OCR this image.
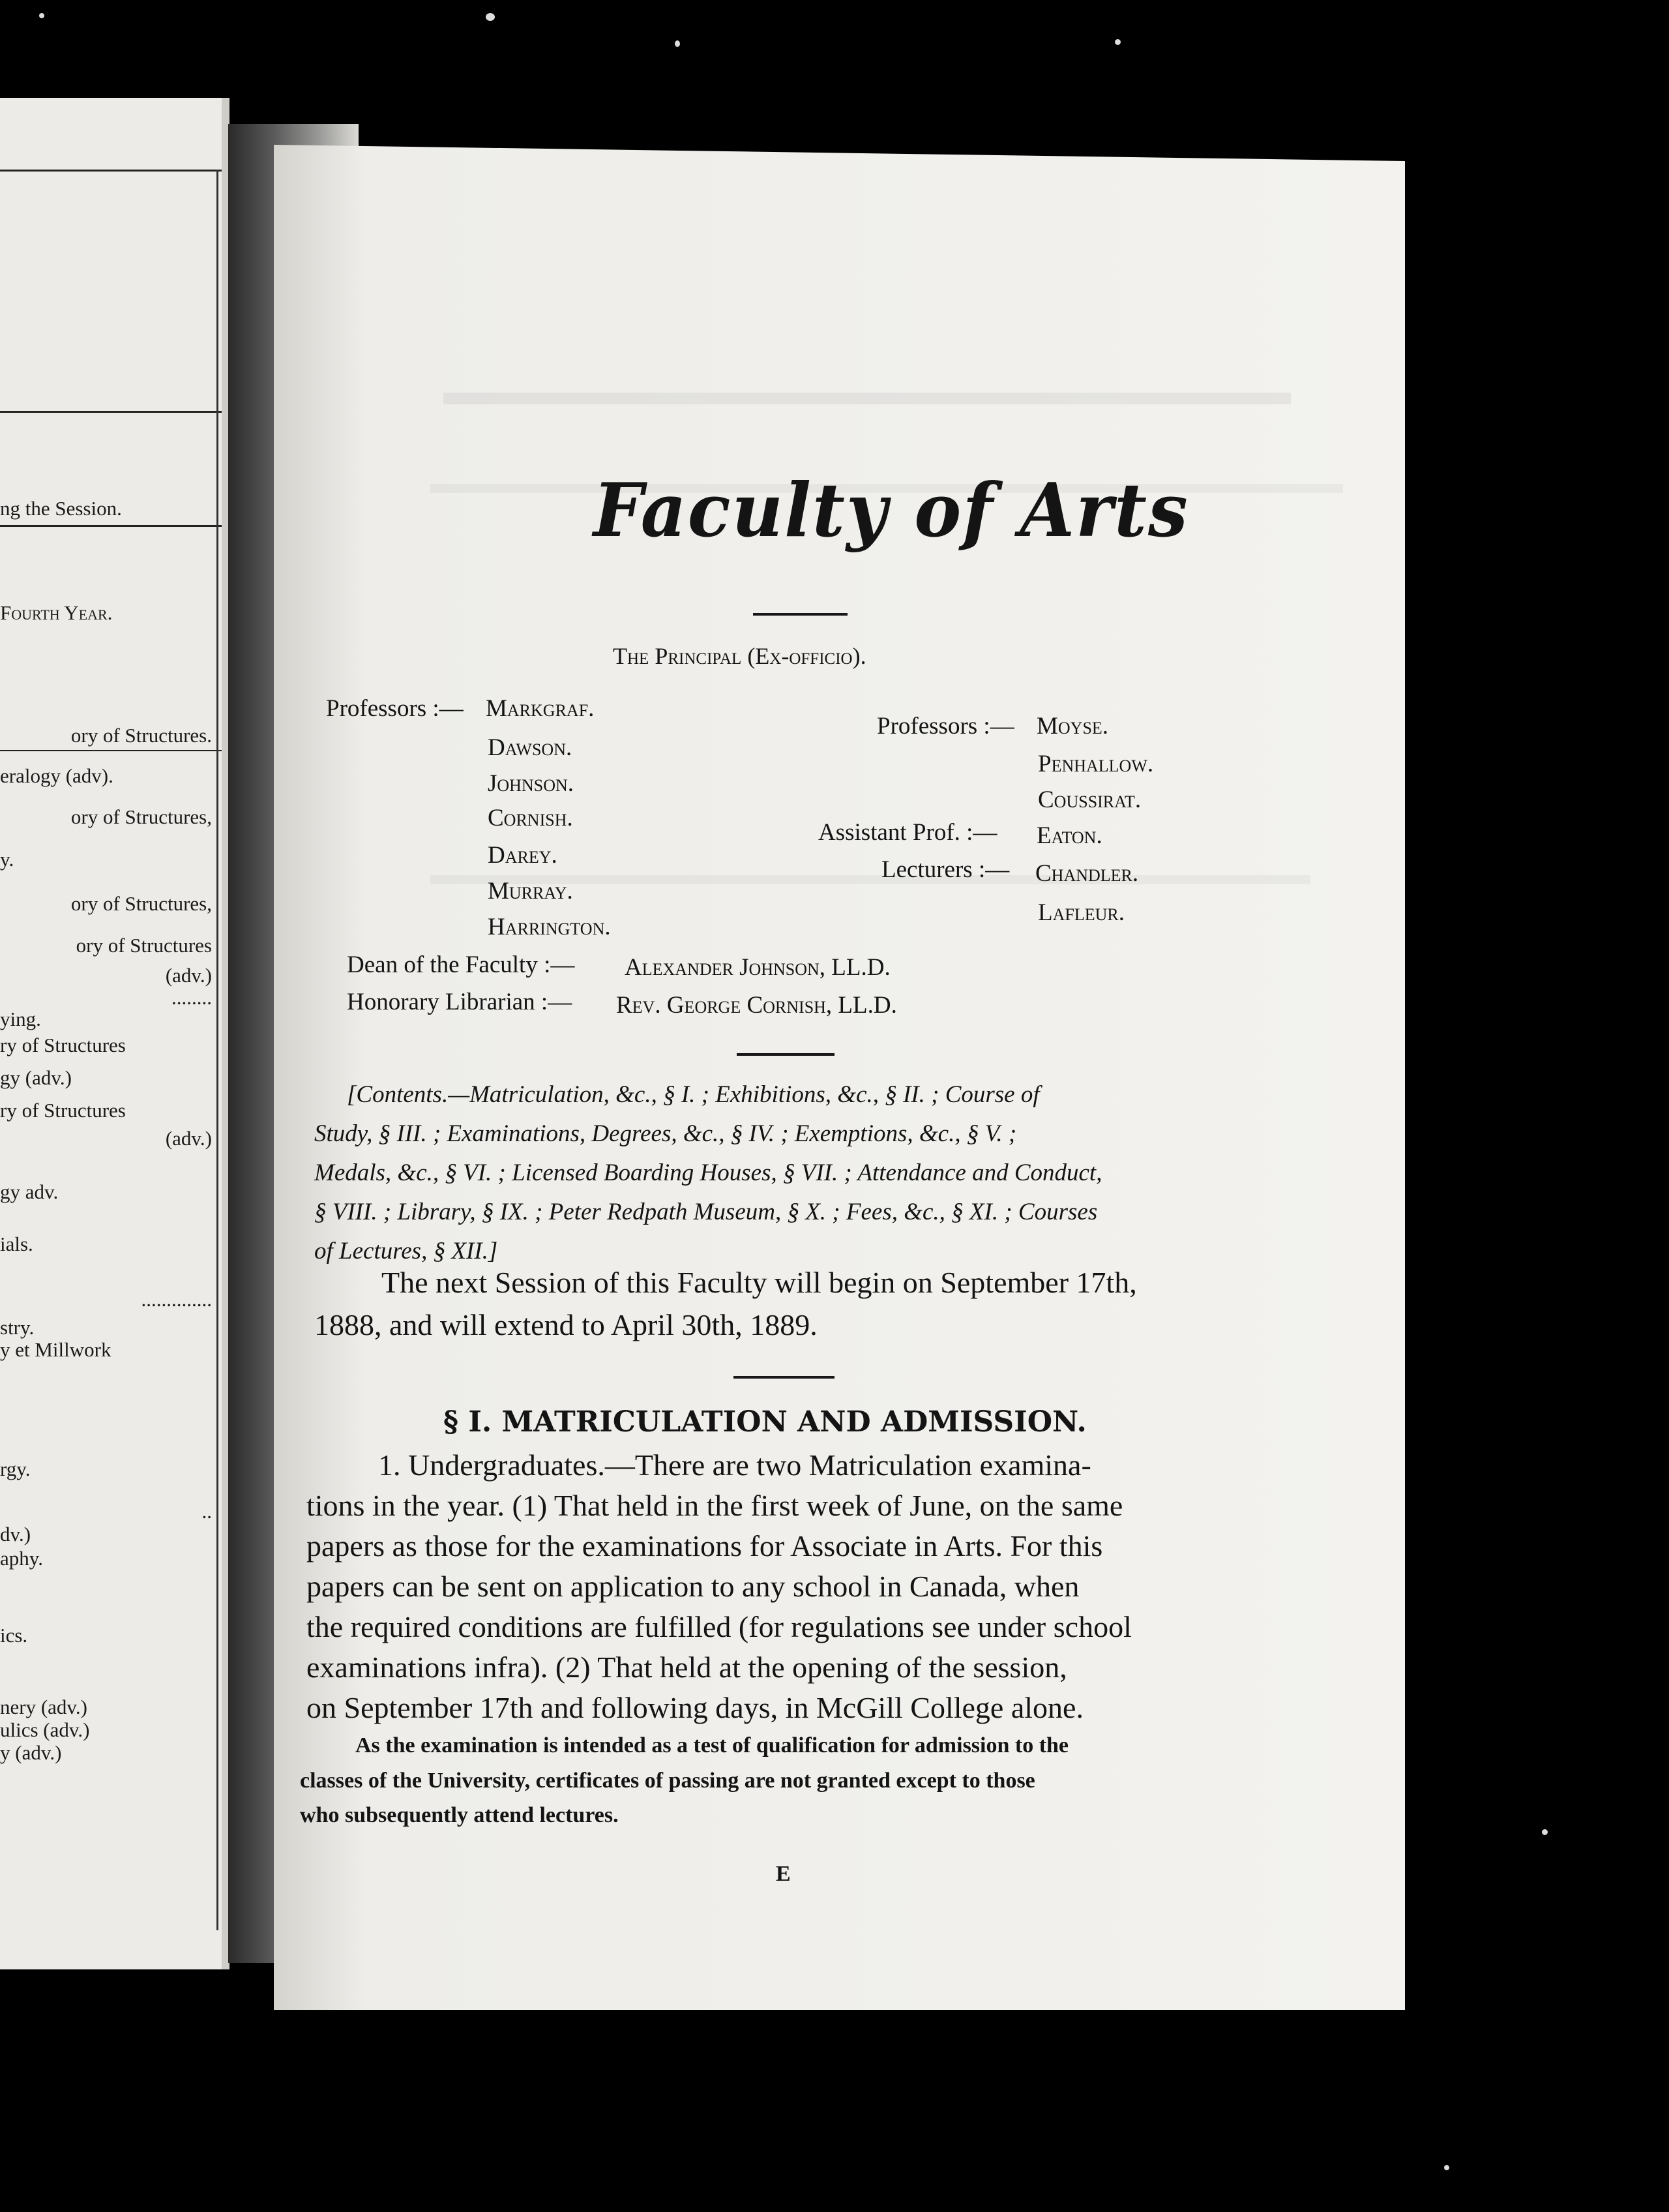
ng the Session.
Fourth Year.
ory of Structures.
eralogy (adv).
ory of Structures,
y.
ory of Structures,
ory of Structures
(adv.)
........
ying.
ry of Structures
gy (adv.)
ry of Structures
(adv.)
gy adv.
ials.
..............
stry.
y et Millwork
rgy.
..
dv.)
aphy.
ics.
nery (adv.)
ulics (adv.)
y (adv.)
Faculty of Arts
The Principal (Ex-officio).
Professors :— Markgraf.
Dawson.
Johnson.
Cornish.
Darey.
Murray.
Harrington.
Professors :— Moyse.
Penhallow.
Coussirat.
Assistant Prof. :— Eaton.
Lecturers :— Chandler.
Lafleur.
Dean of the Faculty :— Alexander Johnson, LL.D.
Honorary Librarian :— Rev. George Cornish, LL.D.
[Contents.—Matriculation, &c., § I. ; Exhibitions, &c., § II. ; Course of
Study, § III. ; Examinations, Degrees, &c., § IV. ; Exemptions, &c., § V. ;
Medals, &c., § VI. ; Licensed Boarding Houses, § VII. ; Attendance and Conduct,
§ VIII. ; Library, § IX. ; Peter Redpath Museum, § X. ; Fees, &c., § XI. ; Courses
of Lectures, § XII.]
The next Session of this Faculty will begin on September 17th,
1888, and will extend to April 30th, 1889.
§ I. MATRICULATION AND ADMISSION.
1. Undergraduates.—There are two Matriculation examina-
tions in the year. (1) That held in the first week of June, on the same
papers as those for the examinations for Associate in Arts. For this
papers can be sent on application to any school in Canada, when
the required conditions are fulfilled (for regulations see under school
examinations infra). (2) That held at the opening of the session,
on September 17th and following days, in McGill College alone.
As the examination is intended as a test of qualification for admission to the
classes of the University, certificates of passing are not granted except to those
who subsequently attend lectures.
E
